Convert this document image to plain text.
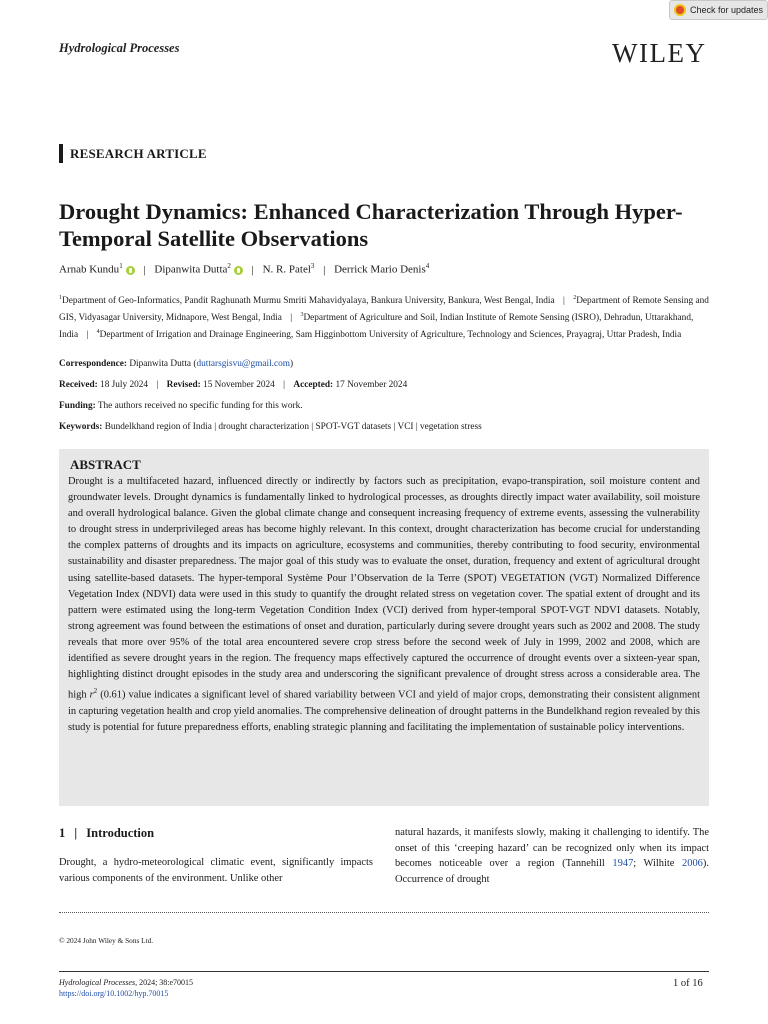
Check for updates
Hydrological Processes	WILEY
RESEARCH ARTICLE
Drought Dynamics: Enhanced Characterization Through Hyper-Temporal Satellite Observations
Arnab Kundu$^1$ | Dipanwita Dutta$^2$ | N. R. Patel$^3$ | Derrick Mario Denis$^4$
$^1$Department of Geo-Informatics, Pandit Raghunath Murmu Smriti Mahavidyalaya, Bankura University, Bankura, West Bengal, India | $^2$Department of Remote Sensing and GIS, Vidyasagar University, Midnapore, West Bengal, India | $^3$Department of Agriculture and Soil, Indian Institute of Remote Sensing (ISRO), Dehradun, Uttarakhand, India | $^4$Department of Irrigation and Drainage Engineering, Sam Higginbottom University of Agriculture, Technology and Sciences, Prayagraj, Uttar Pradesh, India
Correspondence: Dipanwita Dutta (duttarsgisvu@gmail.com)
Received: 18 July 2024 | Revised: 15 November 2024 | Accepted: 17 November 2024
Funding: The authors received no specific funding for this work.
Keywords: Bundelkhand region of India | drought characterization | SPOT-VGT datasets | VCI | vegetation stress
ABSTRACT
Drought is a multifaceted hazard, influenced directly or indirectly by factors such as precipitation, evapo-transpiration, soil moisture content and groundwater levels. Drought dynamics is fundamentally linked to hydrological processes, as droughts directly impact water availability, soil moisture and overall hydrological balance. Given the global climate change and consequent increasing frequency of extreme events, assessing the vulnerability to drought stress in underprivileged areas has become highly relevant. In this context, drought characterization has become crucial for understanding the complex patterns of droughts and its impacts on agriculture, ecosystems and communities, thereby contributing to food security, environmental sustainability and disaster preparedness. The major goal of this study was to evaluate the onset, duration, frequency and extent of agricultural drought using satellite-based datasets. The hyper-temporal Système Pour l’Observation de la Terre (SPOT) VEGETATION (VGT) Normalized Difference Vegetation Index (NDVI) data were used in this study to quantify the drought related stress on vegetation cover. The spatial extent of drought and its pattern were estimated using the long-term Vegetation Condition Index (VCI) derived from hyper-temporal SPOT-VGT NDVI datasets. Notably, strong agreement was found between the estimations of onset and duration, particularly during severe drought years such as 2002 and 2008. The study reveals that more over 95% of the total area encountered severe crop stress before the second week of July in 1999, 2002 and 2008, which are identified as severe drought years in the region. The frequency maps effectively captured the occurrence of drought events over a sixteen-year span, highlighting distinct drought episodes in the study area and underscoring the significant prevalence of drought stress across a considerable area. The high $r^2$ (0.61) value indicates a significant level of shared variability between VCI and yield of major crops, demonstrating their consistent alignment in capturing vegetation health and crop yield anomalies. The comprehensive delineation of drought patterns in the Bundelkhand region revealed by this study is potential for future preparedness efforts, enabling strategic planning and facilitating the implementation of sustainable policy interventions.
1 | Introduction
Drought, a hydro-meteorological climatic event, significantly impacts various components of the environment. Unlike other
natural hazards, it manifests slowly, making it challenging to identify. The onset of this ‘creeping hazard’ can be recognized only when its impact becomes noticeable over a region (Tannehill 1947; Wilhite 2006). Occurrence of drought
© 2024 John Wiley & Sons Ltd.
Hydrological Processes, 2024; 38:e70015
https://doi.org/10.1002/hyp.70015
1 of 16
